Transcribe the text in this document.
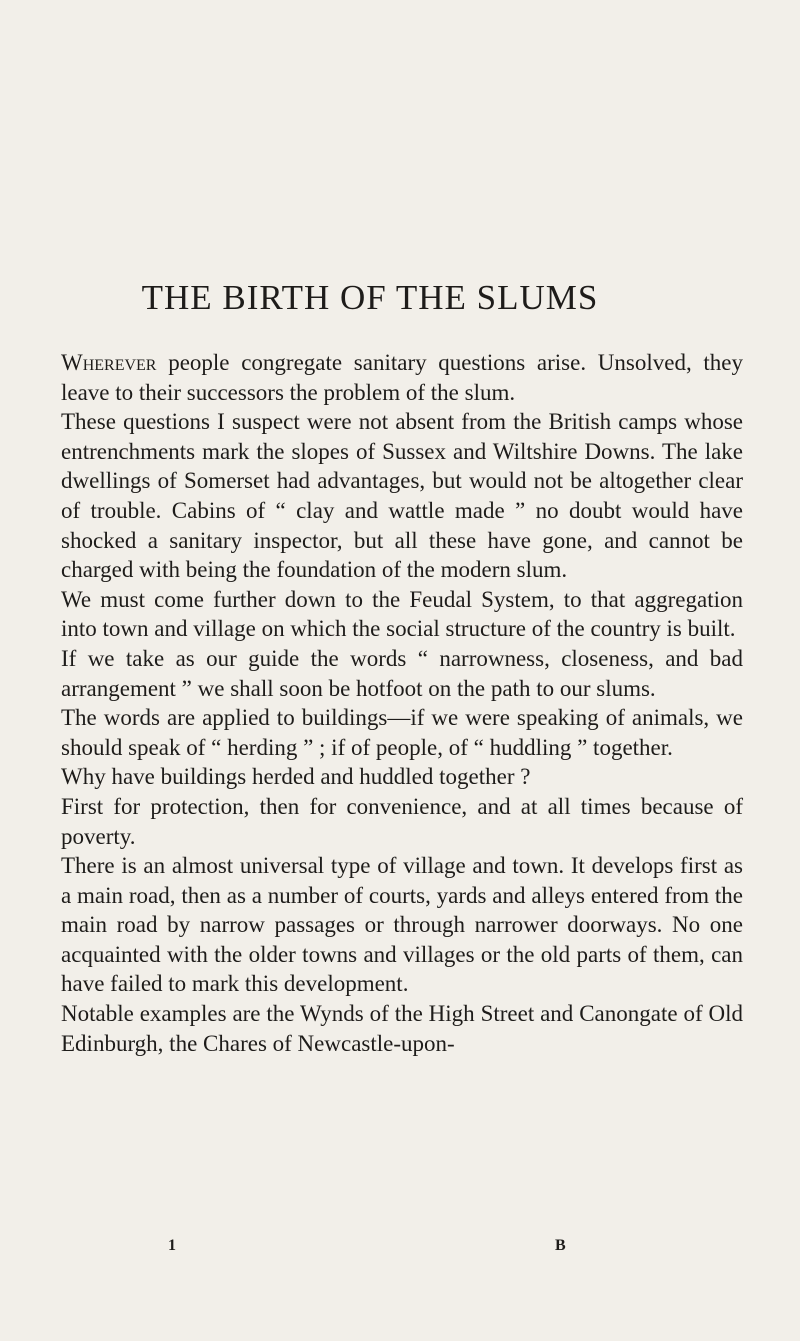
THE BIRTH OF THE SLUMS

Wherever people congregate sanitary questions arise. Unsolved, they leave to their successors the problem of the slum.

These questions I suspect were not absent from the British camps whose entrenchments mark the slopes of Sussex and Wiltshire Downs. The lake dwellings of Somerset had advantages, but would not be altogether clear of trouble. Cabins of “ clay and wattle made ” no doubt would have shocked a sanitary inspector, but all these have gone, and cannot be charged with being the foundation of the modern slum.

We must come further down to the Feudal System, to that aggregation into town and village on which the social structure of the country is built.

If we take as our guide the words “ narrowness, closeness, and bad arrangement ” we shall soon be hotfoot on the path to our slums.

The words are applied to buildings—if we were speaking of animals, we should speak of “ herding ” ; if of people, of “ huddling ” together.

Why have buildings herded and huddled together ?

First for protection, then for convenience, and at all times because of poverty.

There is an almost universal type of village and town. It develops first as a main road, then as a number of courts, yards and alleys entered from the main road by narrow passages or through narrower doorways. No one acquainted with the older towns and villages or the old parts of them, can have failed to mark this development.

Notable examples are the Wynds of the High Street and Canongate of Old Edinburgh, the Chares of Newcastle-upon-

1	B
